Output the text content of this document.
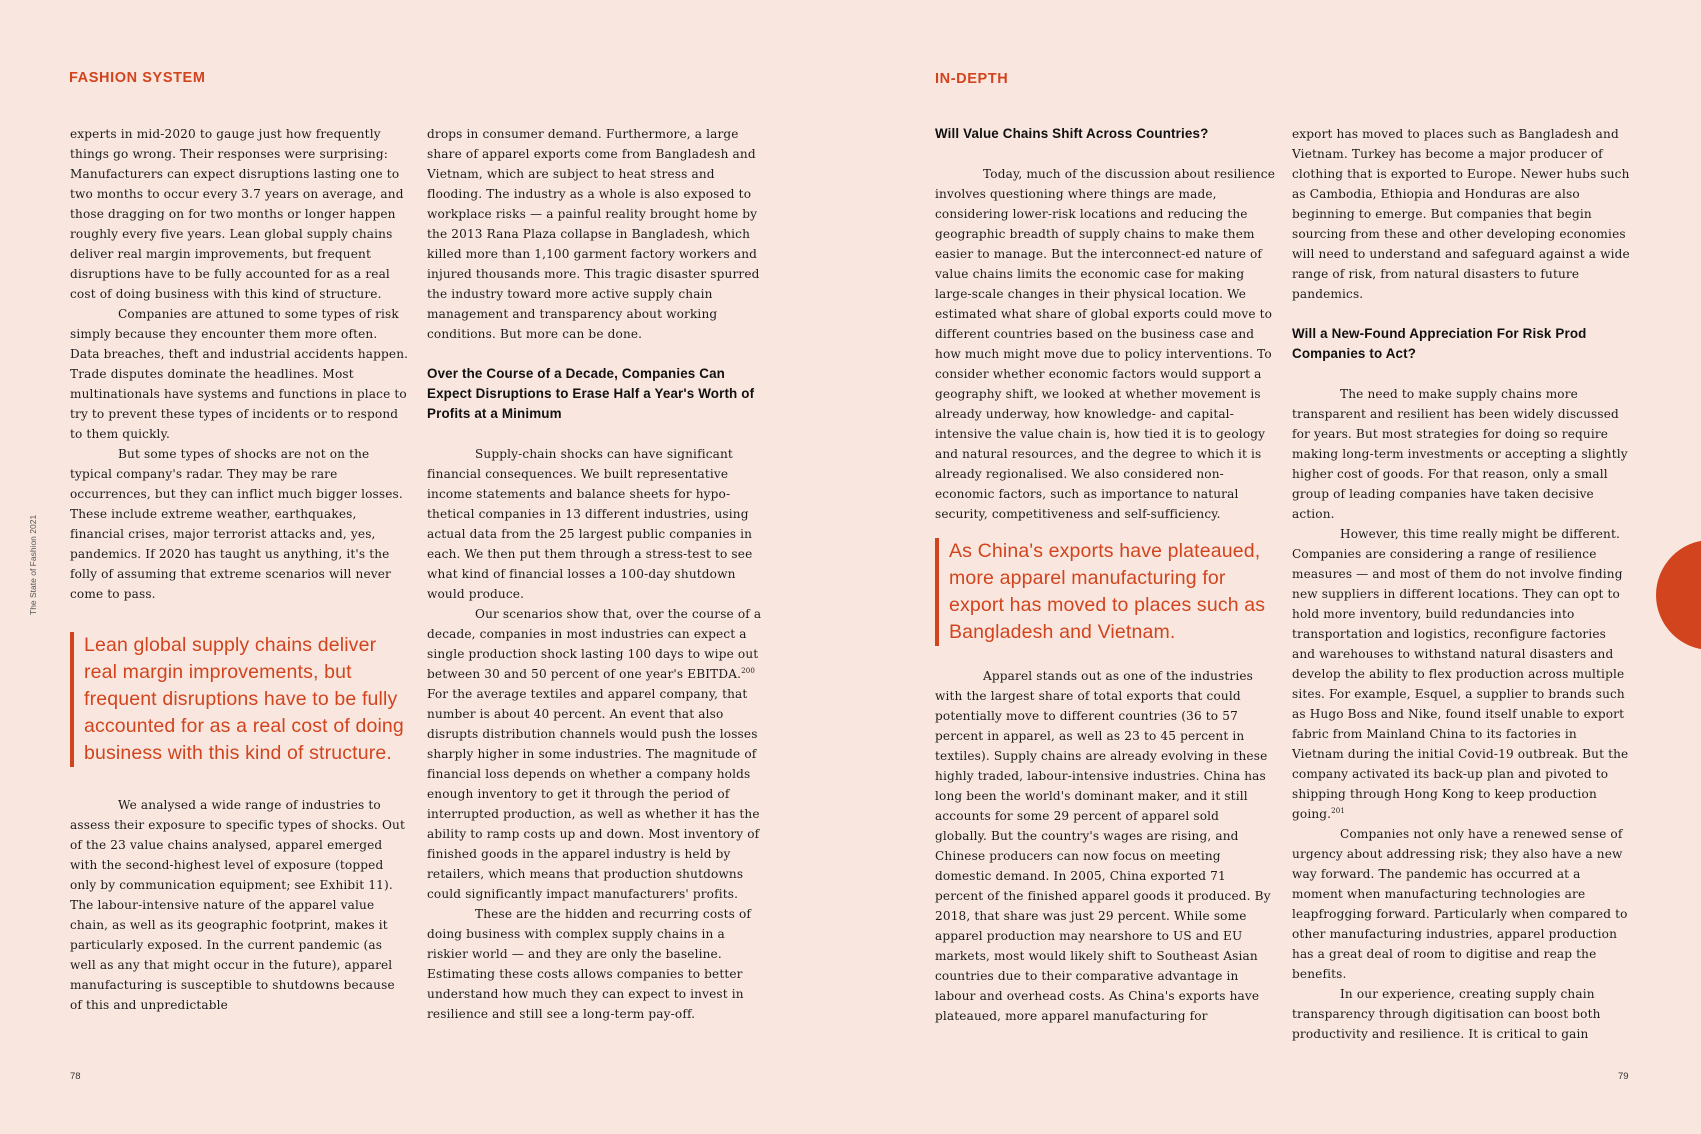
FASHION SYSTEM
The State of Fashion 2021

experts in mid-2020 to gauge just how frequently things go wrong. Their responses were surprising: Manufacturers can expect disruptions lasting one to two months to occur every 3.7 years on average, and those dragging on for two months or longer happen roughly every five years. Lean global supply chains deliver real margin improvements, but frequent disruptions have to be fully accounted for as a real cost of doing business with this kind of structure.

Companies are attuned to some types of risk simply because they encounter them more often. Data breaches, theft and industrial accidents happen. Trade disputes dominate the headlines. Most multinationals have systems and functions in place to try to prevent these types of incidents or to respond to them quickly.

But some types of shocks are not on the typical company's radar. They may be rare occurrences, but they can inflict much bigger losses. These include extreme weather, earthquakes, financial crises, major terrorist attacks and, yes, pandemics. If 2020 has taught us anything, it's the folly of assuming that extreme scenarios will never come to pass.

Lean global supply chains deliver real margin improvements, but frequent disruptions have to be fully accounted for as a real cost of doing business with this kind of structure.

We analysed a wide range of industries to assess their exposure to specific types of shocks. Out of the 23 value chains analysed, apparel emerged with the second-highest level of exposure (topped only by communication equipment; see Exhibit 11). The labour-intensive nature of the apparel value chain, as well as its geographic footprint, makes it particularly exposed. In the current pandemic (as well as any that might occur in the future), apparel manufacturing is susceptible to shutdowns because of this and unpredictable

drops in consumer demand. Furthermore, a large share of apparel exports come from Bangladesh and Vietnam, which are subject to heat stress and flooding. The industry as a whole is also exposed to workplace risks — a painful reality brought home by the 2013 Rana Plaza collapse in Bangladesh, which killed more than 1,100 garment factory workers and injured thousands more. This tragic disaster spurred the industry toward more active supply chain management and transparency about working conditions. But more can be done.

Over the Course of a Decade, Companies Can Expect Disruptions to Erase Half a Year's Worth of Profits at a Minimum

Supply-chain shocks can have significant financial consequences. We built representative income statements and balance sheets for hypo-thetical companies in 13 different industries, using actual data from the 25 largest public companies in each. We then put them through a stress-test to see what kind of financial losses a 100-day shutdown would produce.

Our scenarios show that, over the course of a decade, companies in most industries can expect a single production shock lasting 100 days to wipe out between 30 and 50 percent of one year's EBITDA.$^{200}$ For the average textiles and apparel company, that number is about 40 percent. An event that also disrupts distribution channels would push the losses sharply higher in some industries. The magnitude of financial loss depends on whether a company holds enough inventory to get it through the period of interrupted production, as well as whether it has the ability to ramp costs up and down. Most inventory of finished goods in the apparel industry is held by retailers, which means that production shutdowns could significantly impact manufacturers' profits.

These are the hidden and recurring costs of doing business with complex supply chains in a riskier world — and they are only the baseline. Estimating these costs allows companies to better understand how much they can expect to invest in resilience and still see a long-term pay-off.

78
IN-DEPTH

Will Value Chains Shift Across Countries?

Today, much of the discussion about resilience involves questioning where things are made, considering lower-risk locations and reducing the geographic breadth of supply chains to make them easier to manage. But the interconnect-ed nature of value chains limits the economic case for making large-scale changes in their physical location. We estimated what share of global exports could move to different countries based on the business case and how much might move due to policy interventions. To consider whether economic factors would support a geography shift, we looked at whether movement is already underway, how knowledge- and capital-intensive the value chain is, how tied it is to geology and natural resources, and the degree to which it is already regionalised. We also considered non-economic factors, such as importance to natural security, competitiveness and self-sufficiency.

As China's exports have plateaued, more apparel manufacturing for export has moved to places such as Bangladesh and Vietnam.

Apparel stands out as one of the industries with the largest share of total exports that could potentially move to different countries (36 to 57 percent in apparel, as well as 23 to 45 percent in textiles). Supply chains are already evolving in these highly traded, labour-intensive industries. China has long been the world's dominant maker, and it still accounts for some 29 percent of apparel sold globally. But the country's wages are rising, and Chinese producers can now focus on meeting domestic demand. In 2005, China exported 71 percent of the finished apparel goods it produced. By 2018, that share was just 29 percent. While some apparel production may nearshore to US and EU markets, most would likely shift to Southeast Asian countries due to their comparative advantage in labour and overhead costs. As China's exports have plateaued, more apparel manufacturing for

export has moved to places such as Bangladesh and Vietnam. Turkey has become a major producer of clothing that is exported to Europe. Newer hubs such as Cambodia, Ethiopia and Honduras are also beginning to emerge. But companies that begin sourcing from these and other developing economies will need to understand and safeguard against a wide range of risk, from natural disasters to future pandemics.

Will a New-Found Appreciation For Risk Prod Companies to Act?

The need to make supply chains more transparent and resilient has been widely discussed for years. But most strategies for doing so require making long-term investments or accepting a slightly higher cost of goods. For that reason, only a small group of leading companies have taken decisive action.

However, this time really might be different. Companies are considering a range of resilience measures — and most of them do not involve finding new suppliers in different locations. They can opt to hold more inventory, build redundancies into transportation and logistics, reconfigure factories and warehouses to withstand natural disasters and develop the ability to flex production across multiple sites. For example, Esquel, a supplier to brands such as Hugo Boss and Nike, found itself unable to export fabric from Mainland China to its factories in Vietnam during the initial Covid-19 outbreak. But the company activated its back-up plan and pivoted to shipping through Hong Kong to keep production going.$^{201}$

Companies not only have a renewed sense of urgency about addressing risk; they also have a new way forward. The pandemic has occurred at a moment when manufacturing technologies are leapfrogging forward. Particularly when compared to other manufacturing industries, apparel production has a great deal of room to digitise and reap the benefits.

In our experience, creating supply chain transparency through digitisation can boost both productivity and resilience. It is critical to gain

79
